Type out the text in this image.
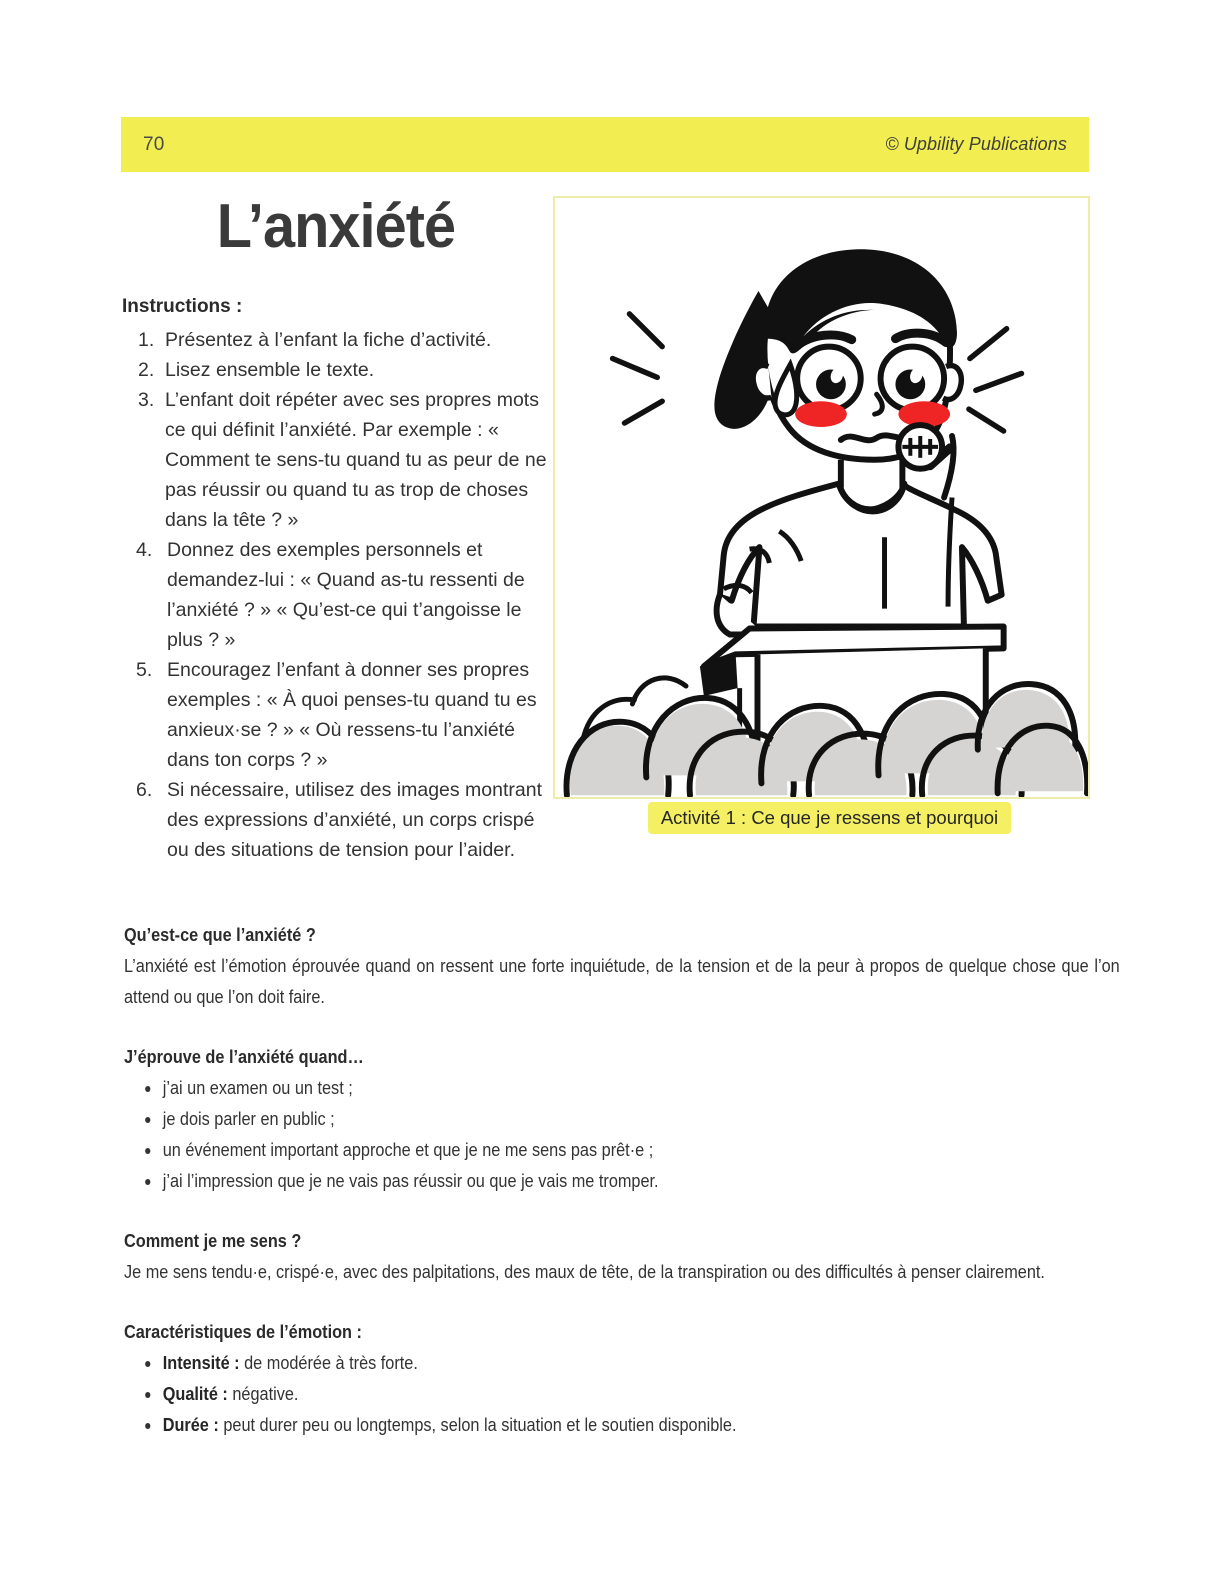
70	© Upbility Publications
L’anxiété
Instructions :
Présentez à l’enfant la fiche d’activité.
Lisez ensemble le texte.
L’enfant doit répéter avec ses propres mots ce qui définit l’anxiété. Par exemple : « Comment te sens-tu quand tu as peur de ne pas réussir ou quand tu as trop de choses dans la tête ? »
Donnez des exemples personnels et demandez-lui : « Quand as-tu ressenti de l’anxiété ? » « Qu’est-ce qui t’angoisse le plus ? »
Encouragez l’enfant à donner ses propres exemples : « À quoi penses-tu quand tu es anxieux·se ? » « Où ressens-tu l’anxiété dans ton corps ? »
Si nécessaire, utilisez des images montrant des expressions d’anxiété, un corps crispé ou des situations de tension pour l’aider.
Activité 1 : Ce que je ressens et pourquoi
Qu’est-ce que l’anxiété ?
L’anxiété est l’émotion éprouvée quand on ressent une forte inquiétude, de la tension et de la peur à propos de quelque chose que l’on attend ou que l’on doit faire.
J’éprouve de l’anxiété quand…
j’ai un examen ou un test ;
je dois parler en public ;
un événement important approche et que je ne me sens pas prêt·e ;
j’ai l’impression que je ne vais pas réussir ou que je vais me tromper.
Comment je me sens ?
Je me sens tendu·e, crispé·e, avec des palpitations, des maux de tête, de la transpiration ou des difficultés à penser clairement.
Caractéristiques de l’émotion :
Intensité : de modérée à très forte.
Qualité : négative.
Durée : peut durer peu ou longtemps, selon la situation et le soutien disponible.
